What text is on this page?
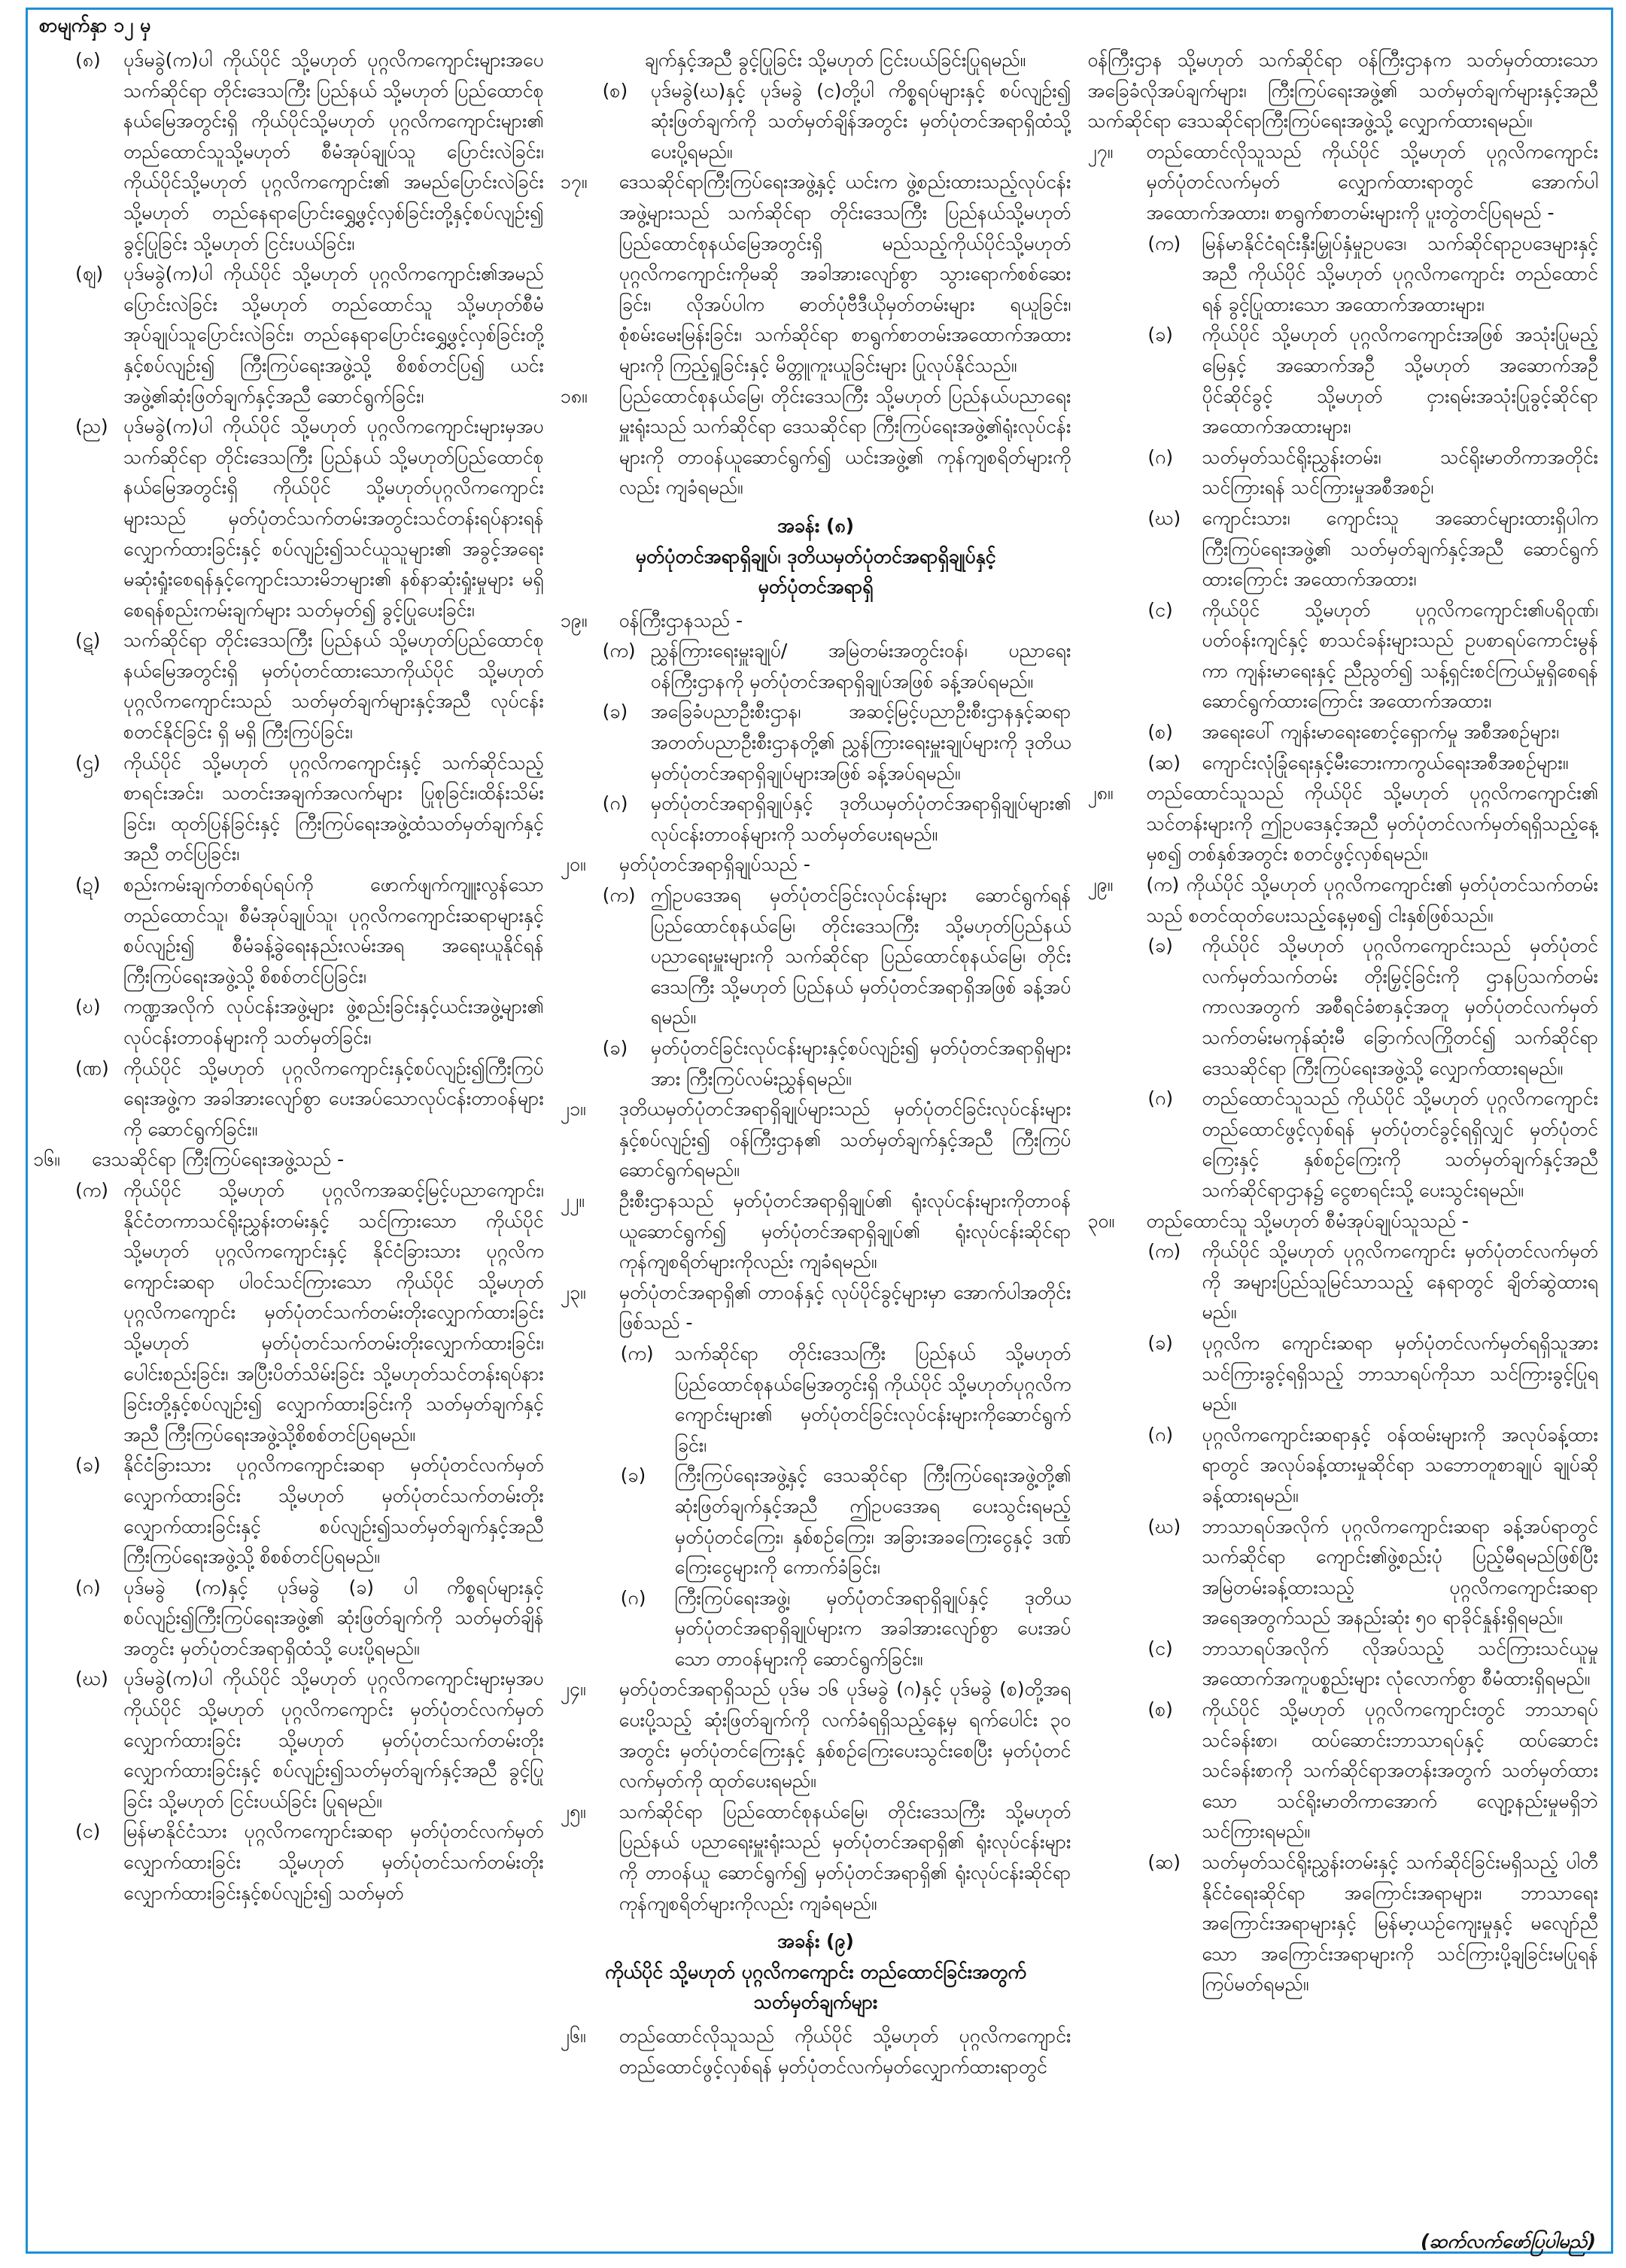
စာမျက်နှာ ၁၂ မှ
(၈)	ပုဒ်မခွဲ(က)ပါ ကိုယ်ပိုင် သို့မဟုတ် ပုဂ္ဂလိကကျောင်းများအပေ သက်ဆိုင်ရာ တိုင်းဒေသကြီး ပြည်နယ် သို့မဟုတ် ပြည်ထောင်စုနယ်မြေအတွင်းရှိ ကိုယ်ပိုင်သို့မဟုတ် ပုဂ္ဂလိကကျောင်းများ၏ တည်ထောင်သူသို့မဟုတ် စီမံအုပ်ချုပ်သူ ပြောင်းလဲခြင်း၊ ကိုယ်ပိုင်သို့မဟုတ် ပုဂ္ဂလိကကျောင်း၏ အမည်ပြောင်းလဲခြင်းသို့မဟုတ် တည်နေရာပြောင်းရွှေ့ဖွင့်လှစ်ခြင်းတို့နှင့်စပ်လျဉ်း၍ ခွင့်ပြုခြင်း သို့မဟုတ် ငြင်းပယ်ခြင်း၊
(ဈ)	ပုဒ်မခွဲ(က)ပါ ကိုယ်ပိုင် သို့မဟုတ် ပုဂ္ဂလိကကျောင်း၏အမည်ပြောင်းလဲခြင်း သို့မဟုတ် တည်ထောင်သူ သို့မဟုတ်စီမံအုပ်ချုပ်သူပြောင်းလဲခြင်း၊ တည်နေရာပြောင်းရွှေ့ဖွင့်လှစ်ခြင်းတို့နှင့်စပ်လျဉ်း၍ ကြီးကြပ်ရေးအဖွဲ့သို့ စိစစ်တင်ပြ၍ ယင်းအဖွဲ့၏ဆုံးဖြတ်ချက်နှင့်အညီ ဆောင်ရွက်ခြင်း၊
(ည) ပုဒ်မခွဲ(က)ပါ ကိုယ်ပိုင် သို့မဟုတ် ပုဂ္ဂလိကကျောင်းများမှအပ သက်ဆိုင်ရာ တိုင်းဒေသကြီး ပြည်နယ် သို့မဟုတ်ပြည်ထောင်စုနယ်မြေအတွင်းရှိ ကိုယ်ပိုင် သို့မဟုတ်ပုဂ္ဂလိကကျောင်းများသည် မှတ်ပုံတင်သက်တမ်းအတွင်းသင်တန်းရပ်နားရန် လျှောက်ထားခြင်းနှင့် စပ်လျဉ်း၍သင်ယူသူများ၏ အခွင့်အရေး မဆုံးရှုံးစေရန်နှင့်ကျောင်းသားမိဘများ၏ နစ်နာဆုံးရှုံးမှုများ မရှိစေရန်စည်းကမ်းချက်များ သတ်မှတ်၍ ခွင့်ပြုပေးခြင်း၊
(ဋ)	သက်ဆိုင်ရာ တိုင်းဒေသကြီး ပြည်နယ် သို့မဟုတ်ပြည်ထောင်စုနယ်မြေအတွင်းရှိ မှတ်ပုံတင်ထားသောကိုယ်ပိုင် သို့မဟုတ် ပုဂ္ဂလိကကျောင်းသည် သတ်မှတ်ချက်များနှင့်အညီ လုပ်ငန်းစတင်နိုင်ခြင်း ရှိ မရှိ ကြီးကြပ်ခြင်း၊
(ဌ)	ကိုယ်ပိုင် သို့မဟုတ် ပုဂ္ဂလိကကျောင်းနှင့် သက်ဆိုင်သည့်စာရင်းအင်း၊ သတင်းအချက်အလက်များ ပြုစုခြင်း၊ထိန်းသိမ်းခြင်း၊ ထုတ်ပြန်ခြင်းနှင့် ကြီးကြပ်ရေးအဖွဲ့ထံသတ်မှတ်ချက်နှင့်အညီ တင်ပြခြင်း၊
(ဍ)	စည်းကမ်းချက်တစ်ရပ်ရပ်ကို ဖောက်ဖျက်ကျူးလွန်သောတည်ထောင်သူ၊ စီမံအုပ်ချုပ်သူ၊ ပုဂ္ဂလိကကျောင်းဆရာများနှင့် စပ်လျဉ်း၍ စီမံခန့်ခွဲရေးနည်းလမ်းအရ အရေးယူနိုင်ရန် ကြီးကြပ်ရေးအဖွဲ့သို့ စိစစ်တင်ပြခြင်း၊
(ဎ)	ကဏ္ဍအလိုက် လုပ်ငန်းအဖွဲ့များ ဖွဲ့စည်းခြင်းနှင့်ယင်းအဖွဲ့များ၏ လုပ်ငန်းတာဝန်များကို သတ်မှတ်ခြင်း၊
(ဏ) ကိုယ်ပိုင် သို့မဟုတ် ပုဂ္ဂလိကကျောင်းနှင့်စပ်လျဉ်း၍ကြီးကြပ်ရေးအဖွဲ့က အခါအားလျော်စွာ ပေးအပ်သောလုပ်ငန်းတာဝန်များကို ဆောင်ရွက်ခြင်း။
၁၆။	ဒေသဆိုင်ရာ ကြီးကြပ်ရေးအဖွဲ့သည် -
(က) ကိုယ်ပိုင် သို့မဟုတ် ပုဂ္ဂလိကအဆင့်မြင့်ပညာကျောင်း၊နိုင်ငံတကာသင်ရိုးညွှန်းတမ်းနှင့် သင်ကြားသော ကိုယ်ပိုင်သို့မဟုတ် ပုဂ္ဂလိကကျောင်းနှင့် နိုင်ငံခြားသား ပုဂ္ဂလိကကျောင်းဆရာ ပါဝင်သင်ကြားသော ကိုယ်ပိုင် သို့မဟုတ်ပုဂ္ဂလိကကျောင်း မှတ်ပုံတင်သက်တမ်းတိုးလျှောက်ထားခြင်း သို့မဟုတ် မှတ်ပုံတင်သက်တမ်းတိုးလျှောက်ထားခြင်း၊ ပေါင်းစည်းခြင်း၊ အပြီးပိတ်သိမ်းခြင်း သို့မဟုတ်သင်တန်းရပ်နားခြင်းတို့နှင့်စပ်လျဉ်း၍ လျှောက်ထားခြင်းကို သတ်မှတ်ချက်နှင့်အညီ ကြီးကြပ်ရေးအဖွဲ့သို့စိစစ်တင်ပြရမည်။
(ခ)	နိုင်ငံခြားသား ပုဂ္ဂလိကကျောင်းဆရာ မှတ်ပုံတင်လက်မှတ်လျှောက်ထားခြင်း သို့မဟုတ် မှတ်ပုံတင်သက်တမ်းတိုး လျှောက်ထားခြင်းနှင့် စပ်လျဉ်း၍သတ်မှတ်ချက်နှင့်အညီ ကြီးကြပ်ရေးအဖွဲ့သို့ စိစစ်တင်ပြရမည်။
(ဂ)	ပုဒ်မခွဲ (က)နှင့် ပုဒ်မခွဲ (ခ) ပါ ကိစ္စရပ်များနှင့်စပ်လျဉ်း၍ကြီးကြပ်ရေးအဖွဲ့၏ ဆုံးဖြတ်ချက်ကို သတ်မှတ်ချိန်အတွင်း မှတ်ပုံတင်အရာရှိထံသို့ ပေးပို့ရမည်။
(ဃ) ပုဒ်မခွဲ(က)ပါ ကိုယ်ပိုင် သို့မဟုတ် ပုဂ္ဂလိကကျောင်းများမှအပ ကိုယ်ပိုင် သို့မဟုတ် ပုဂ္ဂလိကကျောင်း မှတ်ပုံတင်လက်မှတ်လျှောက်ထားခြင်း သို့မဟုတ် မှတ်ပုံတင်သက်တမ်းတိုး လျှောက်ထားခြင်းနှင့် စပ်လျဉ်း၍သတ်မှတ်ချက်နှင့်အညီ ခွင့်ပြုခြင်း သို့မဟုတ် ငြင်းပယ်ခြင်း ပြုရမည်။
(င)	မြန်မာနိုင်ငံသား ပုဂ္ဂလိကကျောင်းဆရာ မှတ်ပုံတင်လက်မှတ်လျှောက်ထားခြင်း သို့မဟုတ် မှတ်ပုံတင်သက်တမ်းတိုး လျှောက်ထားခြင်းနှင့်စပ်လျဉ်း၍ သတ်မှတ်
ချက်နှင့်အညီ ခွင့်ပြုခြင်း သို့မဟုတ် ငြင်းပယ်ခြင်းပြုရမည်။
(စ)	ပုဒ်မခွဲ(ဃ)နှင့် ပုဒ်မခွဲ (င)တို့ပါ ကိစ္စရပ်များနှင့် စပ်လျဉ်း၍ ဆုံးဖြတ်ချက်ကို သတ်မှတ်ချိန်အတွင်း မှတ်ပုံတင်အရာရှိထံသို့ ပေးပို့ရမည်။
၁၇။	ဒေသဆိုင်ရာကြီးကြပ်ရေးအဖွဲ့နှင့် ယင်းက ဖွဲ့စည်းထားသည့်လုပ်ငန်းအဖွဲ့များသည် သက်ဆိုင်ရာ တိုင်းဒေသကြီး ပြည်နယ်သို့မဟုတ် ပြည်ထောင်စုနယ်မြေအတွင်းရှိ မည်သည့်ကိုယ်ပိုင်သို့မဟုတ် ပုဂ္ဂလိကကျောင်းကိုမဆို အခါအားလျော်စွာ သွားရောက်စစ်ဆေးခြင်း၊ လိုအပ်ပါက ဓာတ်ပုံဗီဒီယိုမှတ်တမ်းများ ရယူခြင်း၊စုံစမ်းမေးမြန်းခြင်း၊ သက်ဆိုင်ရာ စာရွက်စာတမ်းအထောက်အထားများကို ကြည့်ရှုခြင်းနှင့် မိတ္တူကူးယူခြင်းများ ပြုလုပ်နိုင်သည်။
၁၈။	ပြည်ထောင်စုနယ်မြေ၊ တိုင်းဒေသကြီး သို့မဟုတ် ပြည်နယ်ပညာရေးမှူးရုံးသည် သက်ဆိုင်ရာ ဒေသဆိုင်ရာ ကြီးကြပ်ရေးအဖွဲ့၏ရုံးလုပ်ငန်းများကို တာဝန်ယူဆောင်ရွက်၍ ယင်းအဖွဲ့၏ ကုန်ကျစရိတ်များကိုလည်း ကျခံရမည်။
အခန်း (၈)
မှတ်ပုံတင်အရာရှိချုပ်၊ ဒုတိယမှတ်ပုံတင်အရာရှိချုပ်နှင့်
မှတ်ပုံတင်အရာရှိ
၁၉။	ဝန်ကြီးဌာနသည် -
(က) ညွှန်ကြားရေးမှူးချုပ်/ အမြဲတမ်းအတွင်းဝန်၊ ပညာရေးဝန်ကြီးဌာနကို မှတ်ပုံတင်အရာရှိချုပ်အဖြစ် ခန့်အပ်ရမည်။
(ခ)	အခြေခံပညာဦးစီးဌာန၊ အဆင့်မြင့်ပညာဦးစီးဌာနနှင့်ဆရာအတတ်ပညာဦးစီးဌာနတို့၏ ညွှန်ကြားရေးမှူးချုပ်များကို ဒုတိယမှတ်ပုံတင်အရာရှိချုပ်များအဖြစ် ခန့်အပ်ရမည်။
(ဂ)	မှတ်ပုံတင်အရာရှိချုပ်နှင့် ဒုတိယမှတ်ပုံတင်အရာရှိချုပ်များ၏ လုပ်ငန်းတာဝန်များကို သတ်မှတ်ပေးရမည်။
၂၀။	မှတ်ပုံတင်အရာရှိချုပ်သည် -
(က) ဤဥပဒေအရ မှတ်ပုံတင်ခြင်းလုပ်ငန်းများ ဆောင်ရွက်ရန် ပြည်ထောင်စုနယ်မြေ၊ တိုင်းဒေသကြီး သို့မဟုတ်ပြည်နယ် ပညာရေးမှူးများကို သက်ဆိုင်ရာ ပြည်ထောင်စုနယ်မြေ၊ တိုင်းဒေသကြီး သို့မဟုတ် ပြည်နယ် မှတ်ပုံတင်အရာရှိအဖြစ် ခန့်အပ်ရမည်။
(ခ)	မှတ်ပုံတင်ခြင်းလုပ်ငန်းများနှင့်စပ်လျဉ်း၍ မှတ်ပုံတင်အရာရှိများအား ကြီးကြပ်လမ်းညွှန်ရမည်။
၂၁။	ဒုတိယမှတ်ပုံတင်အရာရှိချုပ်များသည် မှတ်ပုံတင်ခြင်းလုပ်ငန်းများနှင့်စပ်လျဉ်း၍ ဝန်ကြီးဌာန၏ သတ်မှတ်ချက်နှင့်အညီ ကြီးကြပ်ဆောင်ရွက်ရမည်။
၂၂။	ဦးစီးဌာနသည် မှတ်ပုံတင်အရာရှိချုပ်၏ ရုံးလုပ်ငန်းများကိုတာဝန်ယူဆောင်ရွက်၍ မှတ်ပုံတင်အရာရှိချုပ်၏ ရုံးလုပ်ငန်းဆိုင်ရာကုန်ကျစရိတ်များကိုလည်း ကျခံရမည်။
၂၃။	မှတ်ပုံတင်အရာရှိ၏ တာဝန်နှင့် လုပ်ပိုင်ခွင့်များမှာ အောက်ပါအတိုင်းဖြစ်သည် -
(က)	သက်ဆိုင်ရာ တိုင်းဒေသကြီး ပြည်နယ် သို့မဟုတ်ပြည်ထောင်စုနယ်မြေအတွင်းရှိ ကိုယ်ပိုင် သို့မဟုတ်ပုဂ္ဂလိကကျောင်းများ၏ မှတ်ပုံတင်ခြင်းလုပ်ငန်းများကိုဆောင်ရွက်ခြင်း၊
(ခ)	ကြီးကြပ်ရေးအဖွဲ့နှင့် ဒေသဆိုင်ရာ ကြီးကြပ်ရေးအဖွဲ့တို့၏ ဆုံးဖြတ်ချက်နှင့်အညီ ဤဥပဒေအရ ပေးသွင်းရမည့် မှတ်ပုံတင်ကြေး၊ နှစ်စဉ်ကြေး၊ အခြားအခကြေးငွေနှင့် ဒဏ်ကြေးငွေများကို ကောက်ခံခြင်း၊
(ဂ)	ကြီးကြပ်ရေးအဖွဲ့၊ မှတ်ပုံတင်အရာရှိချုပ်နှင့် ဒုတိယမှတ်ပုံတင်အရာရှိချုပ်များက အခါအားလျော်စွာ ပေးအပ်သော တာဝန်များကို ဆောင်ရွက်ခြင်း။
၂၄။	မှတ်ပုံတင်အရာရှိသည် ပုဒ်မ ၁၆ ပုဒ်မခွဲ (ဂ)နှင့် ပုဒ်မခွဲ (စ)တို့အရ ပေးပို့သည့် ဆုံးဖြတ်ချက်ကို လက်ခံရရှိသည့်နေ့မှ ရက်ပေါင်း ၃၀ အတွင်း မှတ်ပုံတင်ကြေးနှင့် နှစ်စဉ်ကြေးပေးသွင်းစေပြီး မှတ်ပုံတင်လက်မှတ်ကို ထုတ်ပေးရမည်။
၂၅။	သက်ဆိုင်ရာ ပြည်ထောင်စုနယ်မြေ၊ တိုင်းဒေသကြီး သို့မဟုတ် ပြည်နယ် ပညာရေးမှူးရုံးသည် မှတ်ပုံတင်အရာရှိ၏ ရုံးလုပ်ငန်းများကို တာဝန်ယူ ဆောင်ရွက်၍ မှတ်ပုံတင်အရာရှိ၏ ရုံးလုပ်ငန်းဆိုင်ရာ ကုန်ကျစရိတ်များကိုလည်း ကျခံရမည်။
အခန်း (၉)
ကိုယ်ပိုင် သို့မဟုတ် ပုဂ္ဂလိကကျောင်း တည်ထောင်ခြင်းအတွက်
သတ်မှတ်ချက်များ
၂၆။	တည်ထောင်လိုသူသည် ကိုယ်ပိုင် သို့မဟုတ် ပုဂ္ဂလိကကျောင်း တည်ထောင်ဖွင့်လှစ်ရန် မှတ်ပုံတင်လက်မှတ်လျှောက်ထားရာတွင်
ဝန်ကြီးဌာန သို့မဟုတ် သက်ဆိုင်ရာ ဝန်ကြီးဌာနက သတ်မှတ်ထားသော အခြေခံလိုအပ်ချက်များ၊ ကြီးကြပ်ရေးအဖွဲ့၏ သတ်မှတ်ချက်များနှင့်အညီ သက်ဆိုင်ရာ ဒေသဆိုင်ရာကြီးကြပ်ရေးအဖွဲ့သို့ လျှောက်ထားရမည်။
၂၇။	တည်ထောင်လိုသူသည် ကိုယ်ပိုင် သို့မဟုတ် ပုဂ္ဂလိကကျောင်း မှတ်ပုံတင်လက်မှတ် လျှောက်ထားရာတွင် အောက်ပါအထောက်အထား၊ စာရွက်စာတမ်းများကို ပူးတွဲတင်ပြရမည် -
(က)	မြန်မာနိုင်ငံရင်းနှီးမြှုပ်နှံမှုဥပဒေ၊ သက်ဆိုင်ရာဥပဒေများနှင့်အညီ ကိုယ်ပိုင် သို့မဟုတ် ပုဂ္ဂလိကကျောင်း တည်ထောင်ရန် ခွင့်ပြုထားသော အထောက်အထားများ၊
(ခ)	ကိုယ်ပိုင် သို့မဟုတ် ပုဂ္ဂလိကကျောင်းအဖြစ် အသုံးပြုမည့်မြေနှင့် အဆောက်အဦ သို့မဟုတ် အဆောက်အဦ ပိုင်ဆိုင်ခွင့် သို့မဟုတ် ငှားရမ်းအသုံးပြုခွင့်ဆိုင်ရာ အထောက်အထားများ၊
(ဂ)	သတ်မှတ်သင်ရိုးညွှန်းတမ်း၊ သင်ရိုးမာတိကာအတိုင်း သင်ကြားရန် သင်ကြားမှုအစီအစဉ်၊
(ဃ)	ကျောင်းသား၊ ကျောင်းသူ အဆောင်များထားရှိပါက ကြီးကြပ်ရေးအဖွဲ့၏ သတ်မှတ်ချက်နှင့်အညီ ဆောင်ရွက်ထားကြောင်း အထောက်အထား၊
(င)	ကိုယ်ပိုင် သို့မဟုတ် ပုဂ္ဂလိကကျောင်း၏ပရိဝုဏ်၊ပတ်ဝန်းကျင်နှင့် စာသင်ခန်းများသည် ဥပစာရပ်ကောင်းမွန်ကာ ကျန်းမာရေးနှင့် ညီညွတ်၍ သန့်ရှင်းစင်ကြယ်မှုရှိစေရန် ဆောင်ရွက်ထားကြောင်း အထောက်အထား၊
(စ)	အရေးပေါ် ကျန်းမာရေးစောင့်ရှောက်မှု အစီအစဉ်များ၊
(ဆ)	ကျောင်းလုံခြုံရေးနှင့်မီးဘေးကာကွယ်ရေးအစီအစဉ်များ။
၂၈။	တည်ထောင်သူသည် ကိုယ်ပိုင် သို့မဟုတ် ပုဂ္ဂလိကကျောင်း၏ သင်တန်းများကို ဤဥပဒေနှင့်အညီ မှတ်ပုံတင်လက်မှတ်ရရှိသည့်နေ့မှစ၍ တစ်နှစ်အတွင်း စတင်ဖွင့်လှစ်ရမည်။
၂၉။	(က) ကိုယ်ပိုင် သို့မဟုတ် ပုဂ္ဂလိကကျောင်း၏ မှတ်ပုံတင်သက်တမ်းသည် စတင်ထုတ်ပေးသည့်နေ့မှစ၍ ငါးနှစ်ဖြစ်သည်။
(ခ)	ကိုယ်ပိုင် သို့မဟုတ် ပုဂ္ဂလိကကျောင်းသည် မှတ်ပုံတင်လက်မှတ်သက်တမ်း တိုးမြှင့်ခြင်းကို ဌာနပြသက်တမ်းကာလအတွက် အစီရင်ခံစာနှင့်အတူ မှတ်ပုံတင်လက်မှတ်သက်တမ်းမကုန်ဆုံးမီ ခြောက်လကြိုတင်၍ သက်ဆိုင်ရာ ဒေသဆိုင်ရာ ကြီးကြပ်ရေးအဖွဲ့သို့ လျှောက်ထားရမည်။
(ဂ)	တည်ထောင်သူသည် ကိုယ်ပိုင် သို့မဟုတ် ပုဂ္ဂလိကကျောင်း တည်ထောင်ဖွင့်လှစ်ရန် မှတ်ပုံတင်ခွင့်ရရှိလျှင် မှတ်ပုံတင်ကြေးနှင့် နှစ်စဉ်ကြေးကို သတ်မှတ်ချက်နှင့်အညီ သက်ဆိုင်ရာဌာန၌ ငွေစာရင်းသို့ ပေးသွင်းရမည်။
၃၀။	တည်ထောင်သူ သို့မဟုတ် စီမံအုပ်ချုပ်သူသည် -
(က)	ကိုယ်ပိုင် သို့မဟုတ် ပုဂ္ဂလိကကျောင်း မှတ်ပုံတင်လက်မှတ်ကို အများပြည်သူမြင်သာသည့် နေရာတွင် ချိတ်ဆွဲထားရမည်။
(ခ)	ပုဂ္ဂလိက ကျောင်းဆရာ မှတ်ပုံတင်လက်မှတ်ရရှိသူအား သင်ကြားခွင့်ရရှိသည့် ဘာသာရပ်ကိုသာ သင်ကြားခွင့်ပြုရမည်။
(ဂ)	ပုဂ္ဂလိကကျောင်းဆရာနှင့် ဝန်ထမ်းများကို အလုပ်ခန့်ထားရာတွင် အလုပ်ခန့်ထားမှုဆိုင်ရာ သဘောတူစာချုပ် ချုပ်ဆိုခန့်ထားရမည်။
(ဃ)	ဘာသာရပ်အလိုက် ပုဂ္ဂလိကကျောင်းဆရာ ခန့်အပ်ရာတွင် သက်ဆိုင်ရာ ကျောင်း၏ဖွဲ့စည်းပုံ ပြည့်မီရမည်ဖြစ်ပြီး အမြဲတမ်းခန့်ထားသည့် ပုဂ္ဂလိကကျောင်းဆရာ အရေအတွက်သည် အနည်းဆုံး ၅၀ ရာခိုင်နှုန်းရှိရမည်။
(င)	ဘာသာရပ်အလိုက် လိုအပ်သည့် သင်ကြားသင်ယူမှု အထောက်အကူပစ္စည်းများ လုံလောက်စွာ စီမံထားရှိရမည်။
(စ)	ကိုယ်ပိုင် သို့မဟုတ် ပုဂ္ဂလိကကျောင်းတွင် ဘာသာရပ်သင်ခန်းစာ၊ ထပ်ဆောင်းဘာသာရပ်နှင့် ထပ်ဆောင်းသင်ခန်းစာကို သက်ဆိုင်ရာအတန်းအတွက် သတ်မှတ်ထားသော သင်ရိုးမာတိကာအောက် လျော့နည်းမှုမရှိဘဲ သင်ကြားရမည်။
(ဆ)	သတ်မှတ်သင်ရိုးညွှန်းတမ်းနှင့် သက်ဆိုင်ခြင်းမရှိသည့် ပါတီနိုင်ငံရေးဆိုင်ရာ အကြောင်းအရာများ၊ ဘာသာရေးအကြောင်းအရာများနှင့် မြန်မာ့ယဉ်ကျေးမှုနှင့် မလျော်ညီသော အကြောင်းအရာများကို သင်ကြားပို့ချခြင်းမပြုရန် ကြပ်မတ်ရမည်။
(ဆက်လက်ဖော်ပြပါမည်)
